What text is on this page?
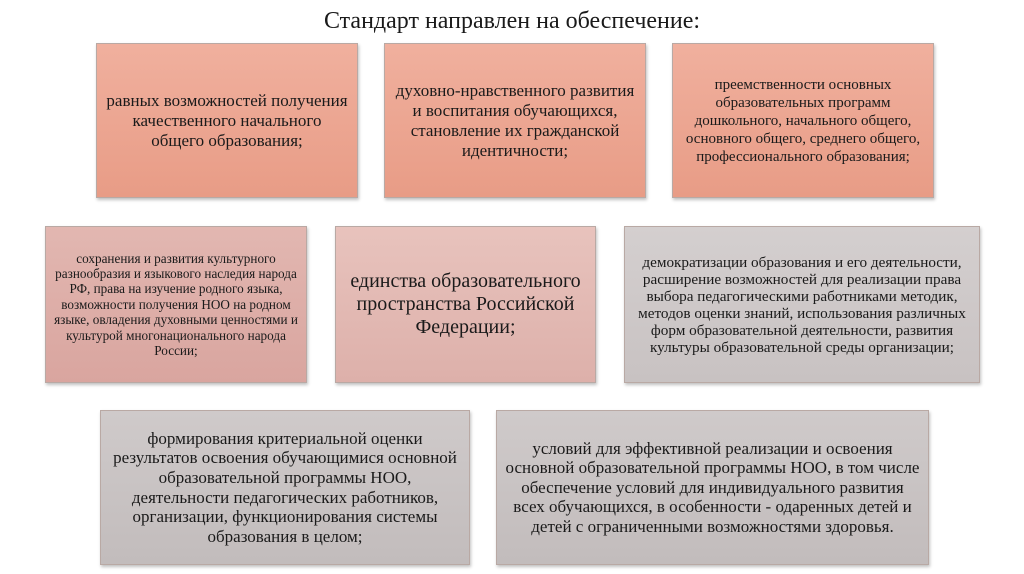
Стандарт направлен на обеспечение:
равных возможностей получения качественного начального общего образования;
духовно-нравственного развития и воспитания обучающихся, становление их гражданской идентичности;
преемственности основных образовательных программ дошкольного, начального общего, основного общего, среднего общего, профессионального образования;
сохранения и развития культурного разнообразия и языкового наследия народа РФ, права на изучение родного языка, возможности получения НОО на родном языке, овладения духовными ценностями и культурой многонационального народа России;
единства образовательного пространства Российской Федерации;
демократизации образования и его деятельности, расширение возможностей для реализации права выбора педагогическими работниками методик, методов оценки знаний, использования различных форм образовательной деятельности, развития культуры образовательной среды организации;
формирования критериальной оценки результатов освоения обучающимися основной образовательной программы НОО, деятельности педагогических работников, организации, функционирования системы образования в целом;
условий для эффективной реализации и освоения основной образовательной программы НОО, в том числе обеспечение условий для индивидуального развития всех обучающихся, в особенности - одаренных детей и детей с ограниченными возможностями здоровья.
